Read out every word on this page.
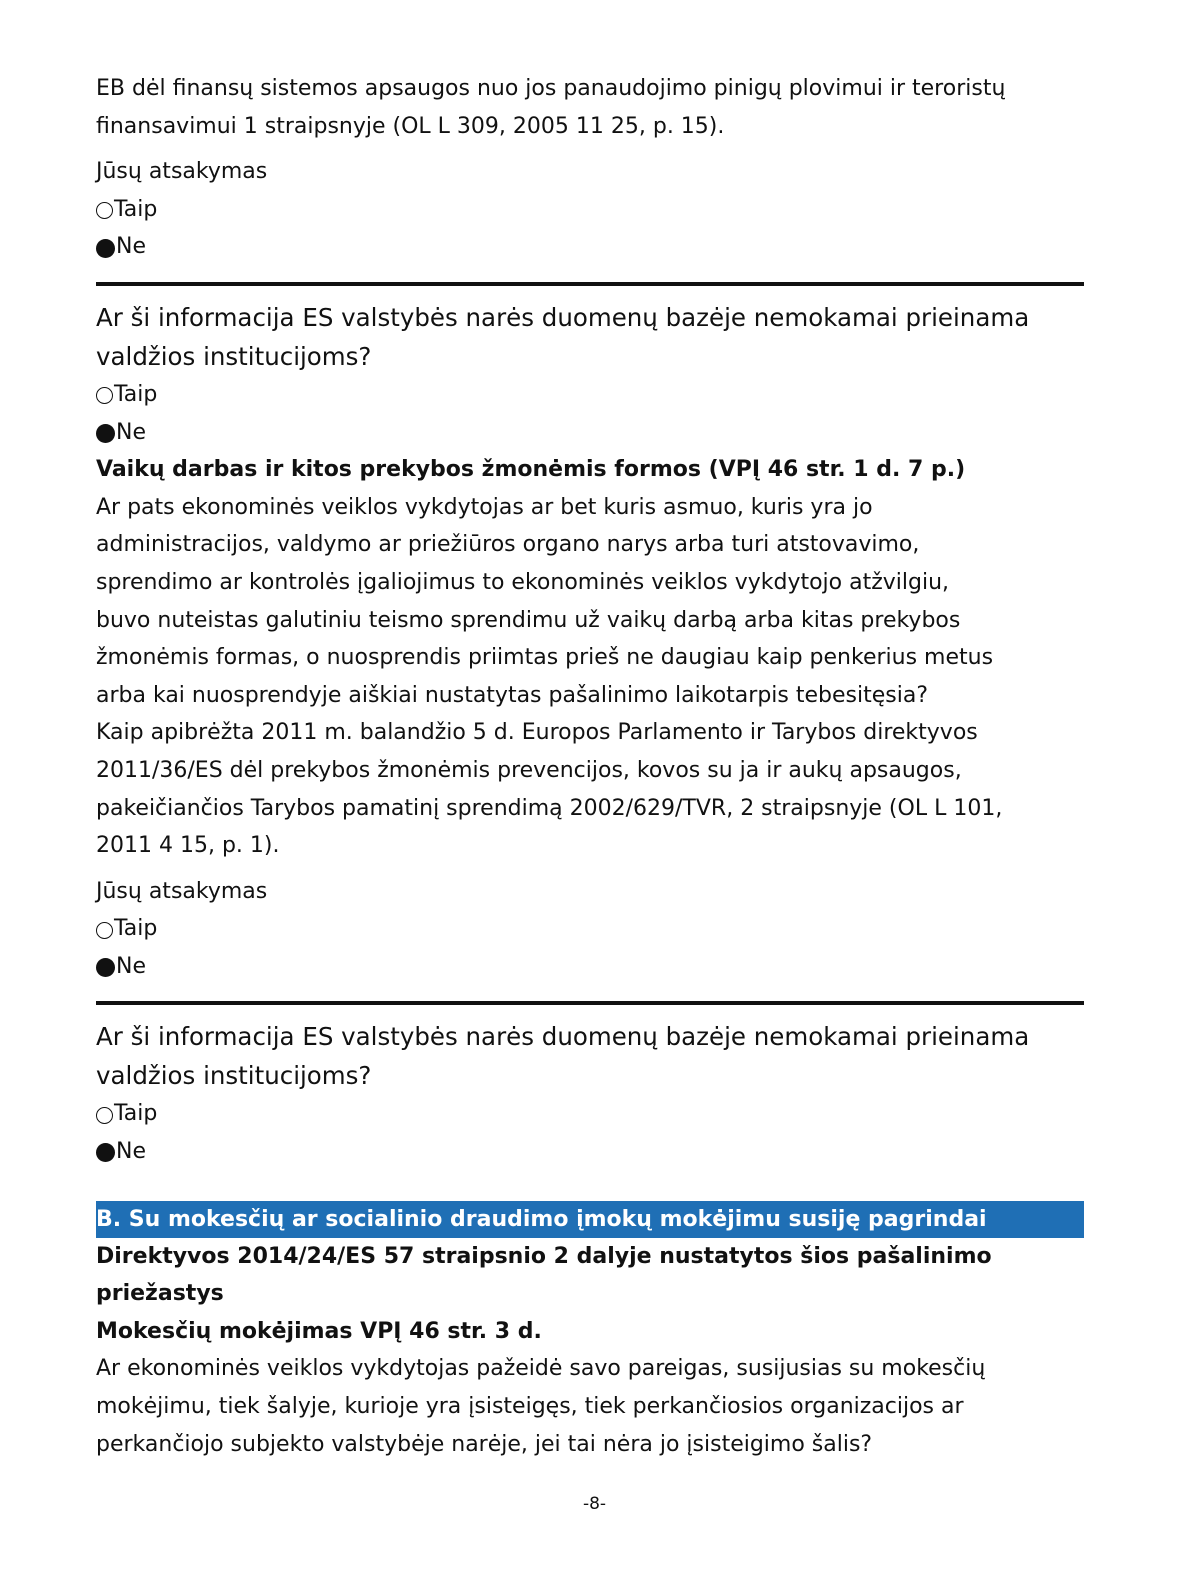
EB dėl finansų sistemos apsaugos nuo jos panaudojimo pinigų plovimui ir teroristų

finansavimui 1 straipsnyje (OL L 309, 2005 11 25, p. 15).

Jūsų atsakymas

Taip

Ne

Ar ši informacija ES valstybės narės duomenų bazėje nemokamai prieinama

valdžios institucijoms?

Taip

Ne

Vaikų darbas ir kitos prekybos žmonėmis formos (VPĮ 46 str. 1 d. 7 p.)

Ar pats ekonominės veiklos vykdytojas ar bet kuris asmuo, kuris yra jo

administracijos, valdymo ar priežiūros organo narys arba turi atstovavimo,

sprendimo ar kontrolės įgaliojimus to ekonominės veiklos vykdytojo atžvilgiu,

buvo nuteistas galutiniu teismo sprendimu už vaikų darbą arba kitas prekybos

žmonėmis formas, o nuosprendis priimtas prieš ne daugiau kaip penkerius metus

arba kai nuosprendyje aiškiai nustatytas pašalinimo laikotarpis tebesitęsia?

Kaip apibrėžta 2011 m. balandžio 5 d. Europos Parlamento ir Tarybos direktyvos

2011/36/ES dėl prekybos žmonėmis prevencijos, kovos su ja ir aukų apsaugos,

pakeičiančios Tarybos pamatinį sprendimą 2002/629/TVR, 2 straipsnyje (OL L 101,

2011 4 15, p. 1).

Jūsų atsakymas

Taip

Ne

Ar ši informacija ES valstybės narės duomenų bazėje nemokamai prieinama

valdžios institucijoms?

Taip

Ne

B. Su mokesčių ar socialinio draudimo įmokų mokėjimu susiję pagrindai

Direktyvos 2014/24/ES 57 straipsnio 2 dalyje nustatytos šios pašalinimo

priežastys

Mokesčių mokėjimas VPĮ 46 str. 3 d.

Ar ekonominės veiklos vykdytojas pažeidė savo pareigas, susijusias su mokesčių

mokėjimu, tiek šalyje, kurioje yra įsisteigęs, tiek perkančiosios organizacijos ar

perkančiojo subjekto valstybėje narėje, jei tai nėra jo įsisteigimo šalis?

-8-
